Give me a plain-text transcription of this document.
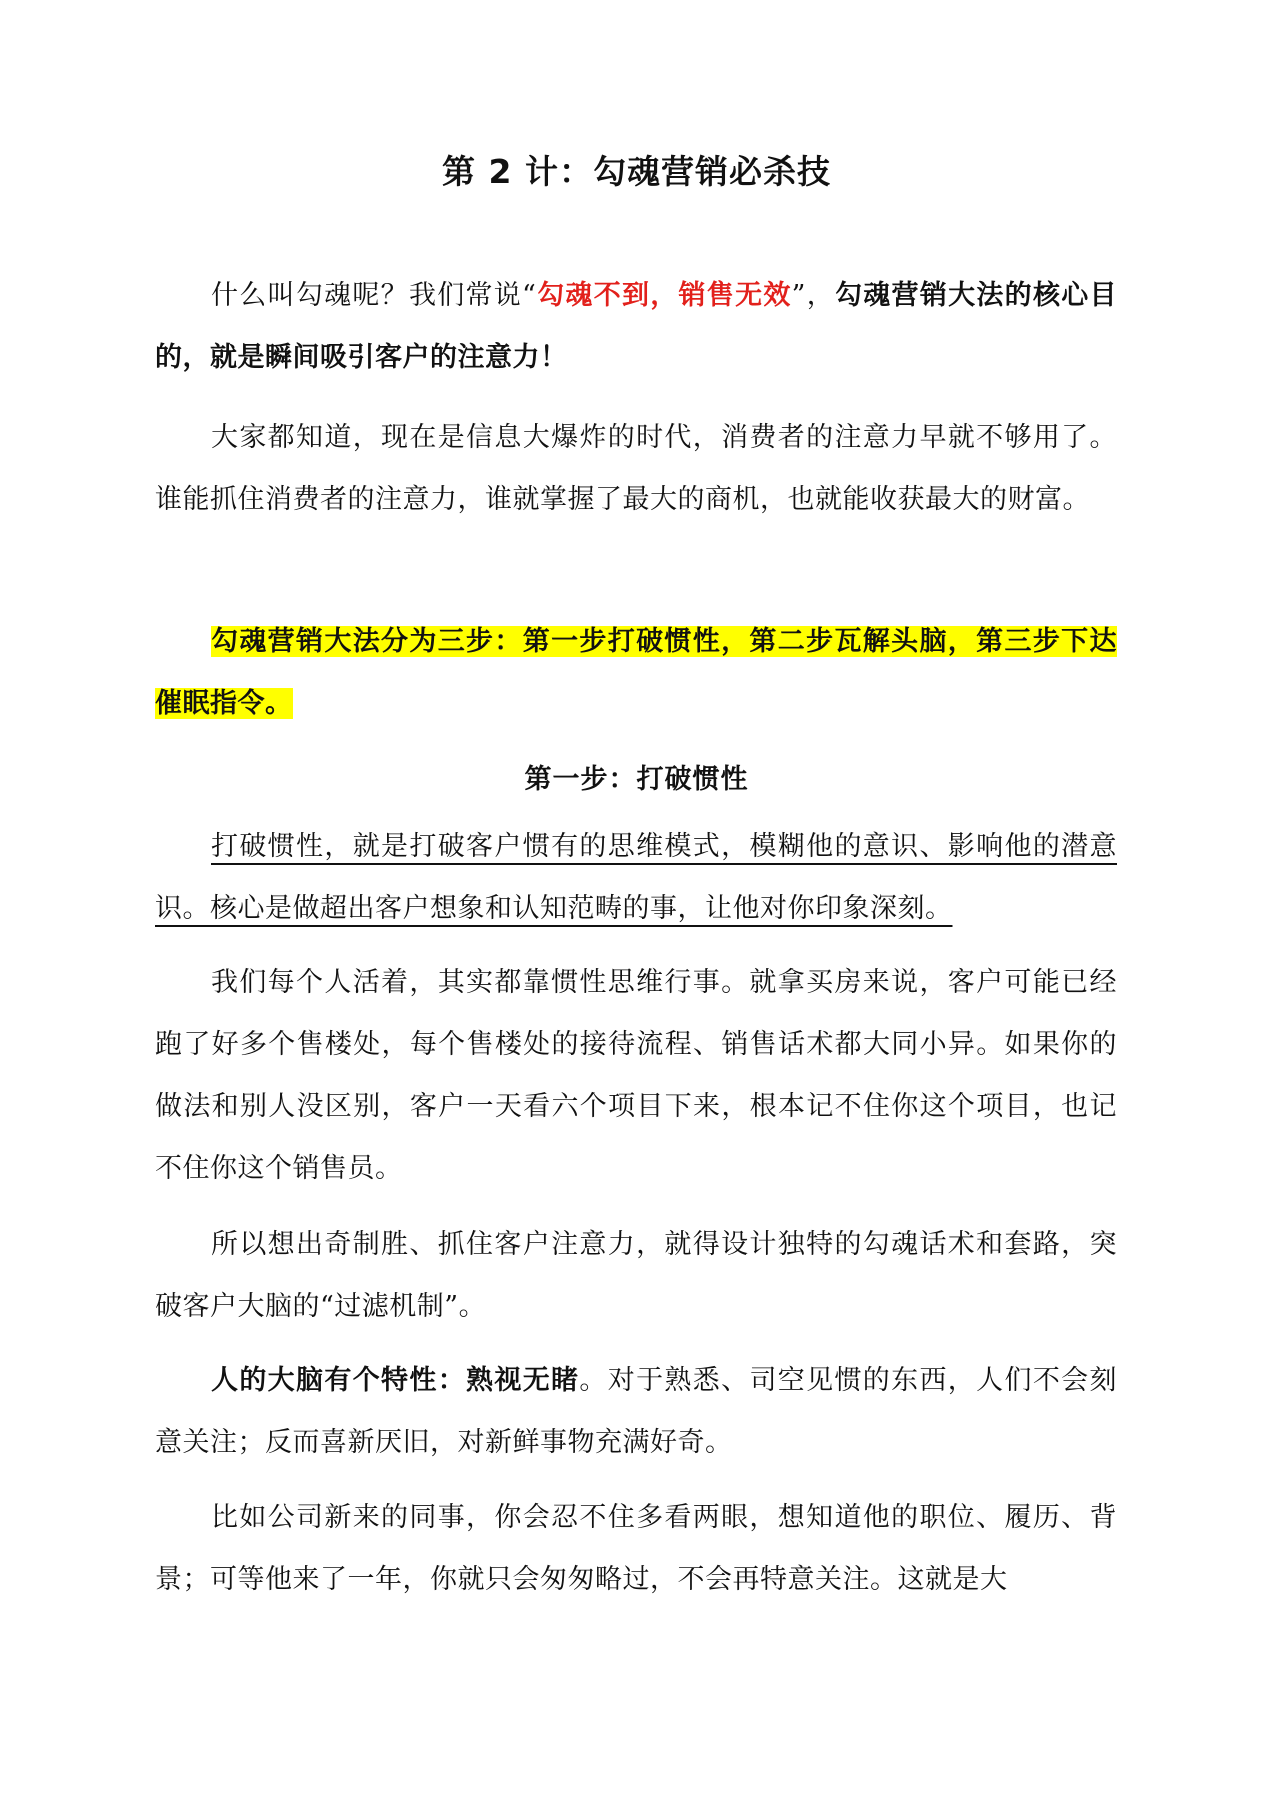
第 2 计：勾魂营销必杀技

什么叫勾魂呢？我们常说“勾魂不到，销售无效”，勾魂营销大法的核心目的，就是瞬间吸引客户的注意力！

大家都知道，现在是信息大爆炸的时代，消费者的注意力早就不够用了。谁能抓住消费者的注意力，谁就掌握了最大的商机，也就能收获最大的财富。

勾魂营销大法分为三步：第一步打破惯性，第二步瓦解头脑，第三步下达催眠指令。

第一步：打破惯性

打破惯性，就是打破客户惯有的思维模式，模糊他的意识、影响他的潜意识。核心是做超出客户想象和认知范畴的事，让他对你印象深刻。

我们每个人活着，其实都靠惯性思维行事。就拿买房来说，客户可能已经跑了好多个售楼处，每个售楼处的接待流程、销售话术都大同小异。如果你的做法和别人没区别，客户一天看六个项目下来，根本记不住你这个项目，也记不住你这个销售员。

所以想出奇制胜、抓住客户注意力，就得设计独特的勾魂话术和套路，突破客户大脑的“过滤机制”。

人的大脑有个特性：熟视无睹。对于熟悉、司空见惯的东西，人们不会刻意关注；反而喜新厌旧，对新鲜事物充满好奇。

比如公司新来的同事，你会忍不住多看两眼，想知道他的职位、履历、背景；可等他来了一年，你就只会匆匆略过，不会再特意关注。这就是大
